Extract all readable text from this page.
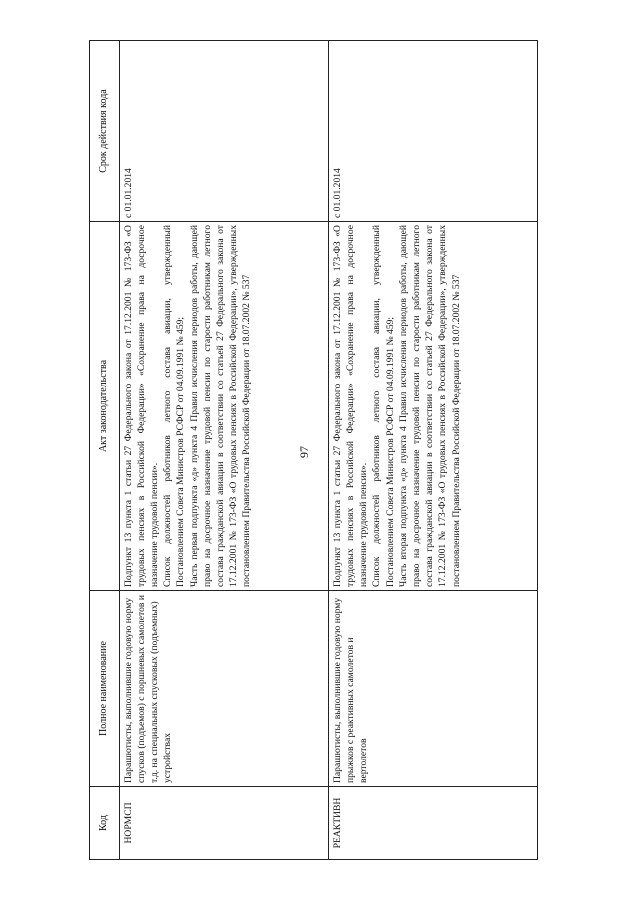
97
Код	Полное наименование	Акт законодательства	Срок действия кода
НОРМСП	Парашютисты, выполнившие годовую норму спусков (подъемов) с поршневых самолетов и т.д. на специальных спусковых (подъемных) устройствах	Подпункт 13 пункта 1 статьи 27 Федерального закона от 17.12.2001 № 173-ФЗ «О трудовых пенсиях в Российской Федерации» «Сохранение права на досрочное назначение трудовой пенсии». Список должностей работников летного состава авиации, утвержденный Постановлением Совета Министров РСФСР от 04.09.1991 № 459; Часть первая подпункта «д» пункта 4 Правил исчисления периодов работы, дающей право на досрочное назначение трудовой пенсии по старости работникам летного состава гражданской авиации в соответствии со статьей 27 Федерального закона от 17.12.2001 № 173-ФЗ «О трудовых пенсиях в Российской Федерации», утвержденных постановлением Правительства Российской Федерации от 18.07.2002 № 537	с 01.01.2014
РЕАКТИВН	Парашютисты, выполнившие годовую норму прыжков с реактивных самолетов и вертолетов	Подпункт 13 пункта 1 статьи 27 Федерального закона от 17.12.2001 № 173-ФЗ «О трудовых пенсиях в Российской Федерации» «Сохранение права на досрочное назначение трудовой пенсии». Список должностей работников летного состава авиации, утвержденный Постановлением Совета Министров РСФСР от 04.09.1991 № 459; Часть вторая подпункта «д» пункта 4 Правил исчисления периодов работы, дающей право на досрочное назначение трудовой пенсии по старости работникам летного состава гражданской авиации в соответствии со статьей 27 Федерального закона от 17.12.2001 № 173-ФЗ «О трудовых пенсиях в Российской Федерации», утвержденных постановлением Правительства Российской Федерации от 18.07.2002 № 537	с 01.01.2014
